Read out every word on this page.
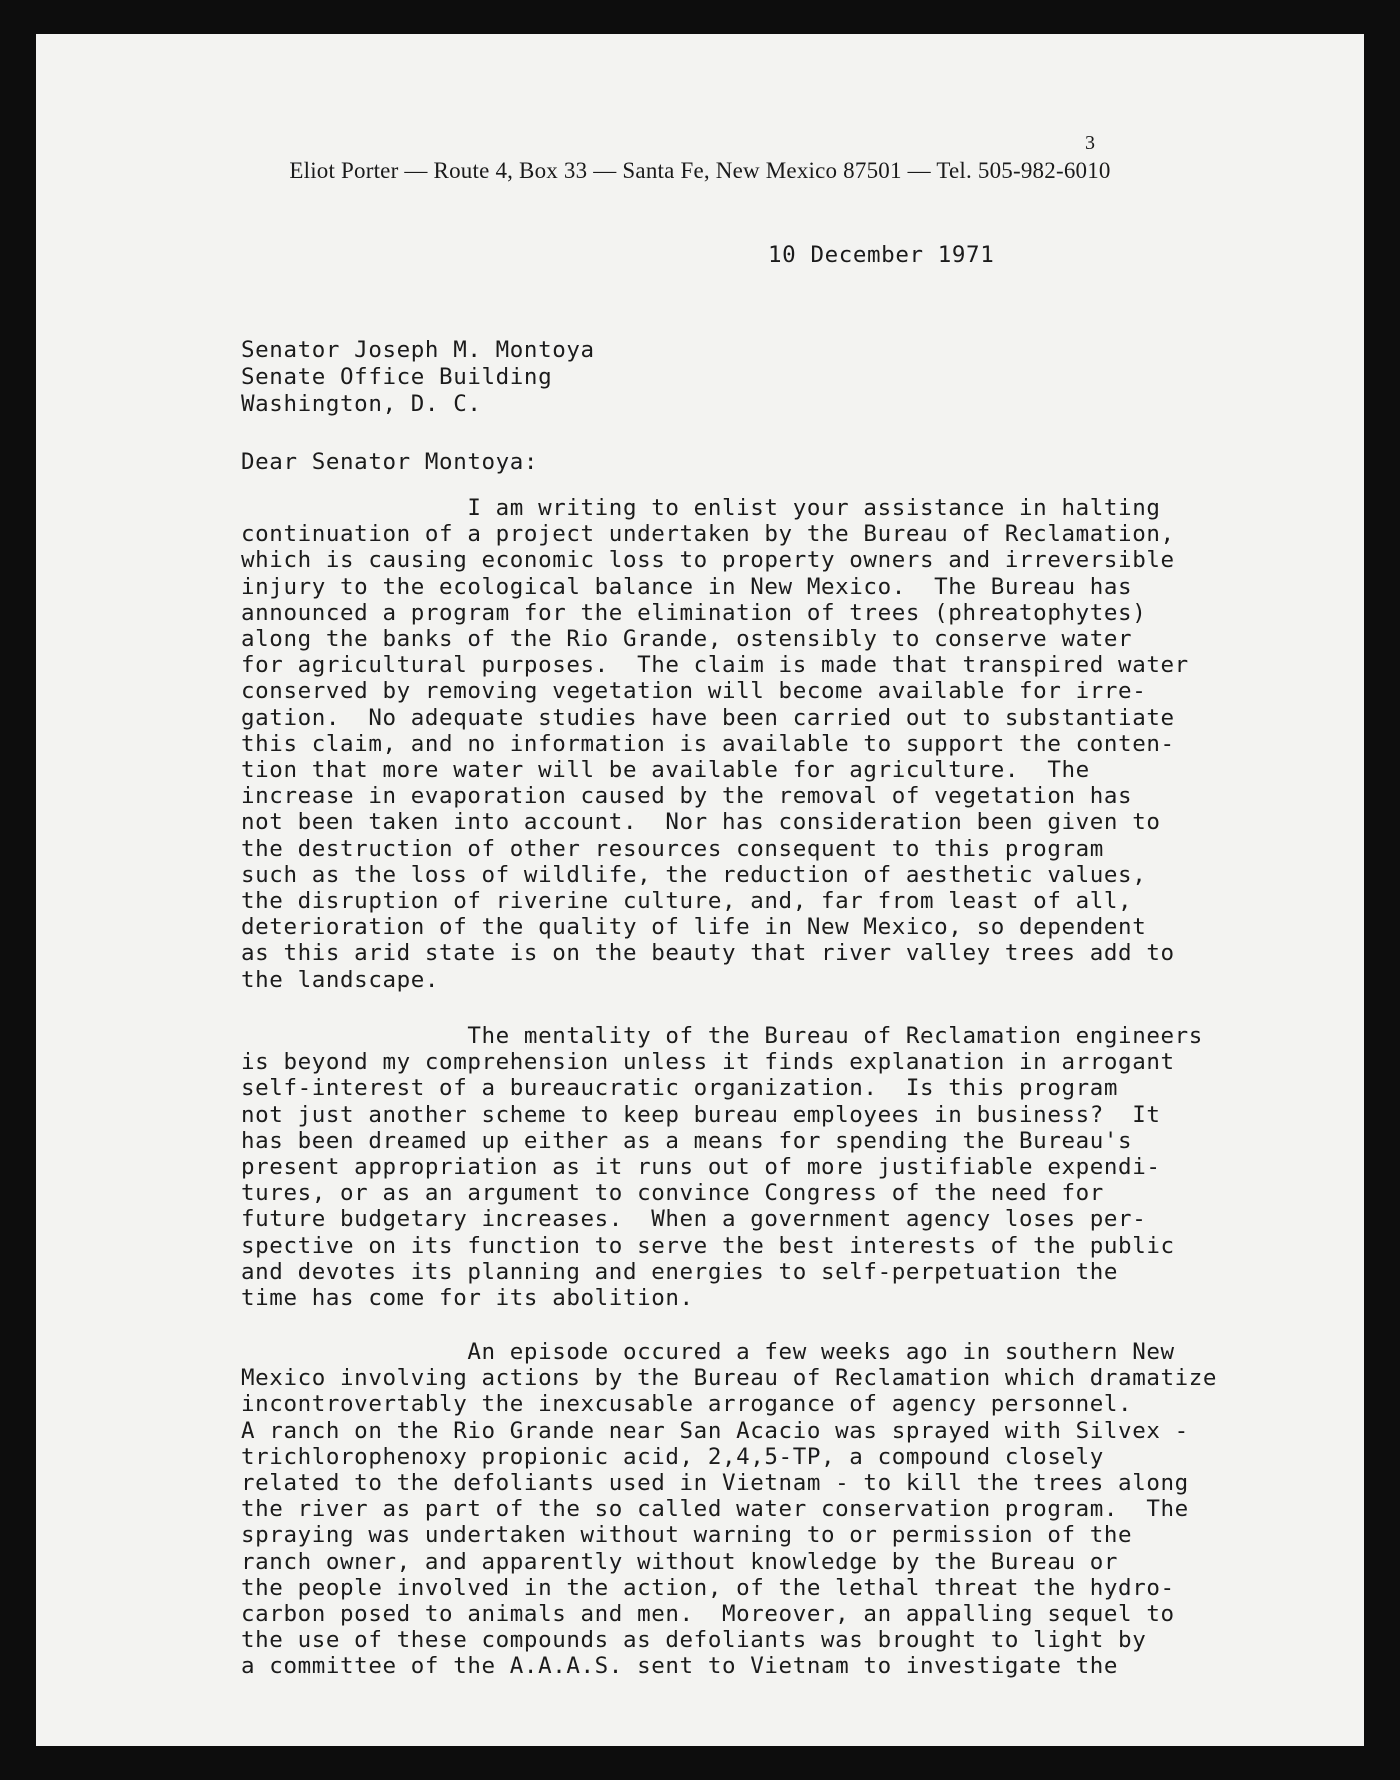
Eliot Porter — Route 4, Box 33 — Santa Fe, New Mexico 87501 — Tel. 505-982-6010
3
10 December 1971
Senator Joseph M. Montoya
Senate Office Building
Washington, D. C.
Dear Senator Montoya:
I am writing to enlist your assistance in halting
continuation of a project undertaken by the Bureau of Reclamation,
which is causing economic loss to property owners and irreversible
injury to the ecological balance in New Mexico.  The Bureau has
announced a program for the elimination of trees (phreatophytes)
along the banks of the Rio Grande, ostensibly to conserve water
for agricultural purposes.  The claim is made that transpired water
conserved by removing vegetation will become available for irre-
gation.  No adequate studies have been carried out to substantiate
this claim, and no information is available to support the conten-
tion that more water will be available for agriculture.  The
increase in evaporation caused by the removal of vegetation has
not been taken into account.  Nor has consideration been given to
the destruction of other resources consequent to this program
such as the loss of wildlife, the reduction of aesthetic values,
the disruption of riverine culture, and, far from least of all,
deterioration of the quality of life in New Mexico, so dependent
as this arid state is on the beauty that river valley trees add to
the landscape.
The mentality of the Bureau of Reclamation engineers
is beyond my comprehension unless it finds explanation in arrogant
self-interest of a bureaucratic organization.  Is this program
not just another scheme to keep bureau employees in business?  It
has been dreamed up either as a means for spending the Bureau's
present appropriation as it runs out of more justifiable expendi-
tures, or as an argument to convince Congress of the need for
future budgetary increases.  When a government agency loses per-
spective on its function to serve the best interests of the public
and devotes its planning and energies to self-perpetuation the
time has come for its abolition.
An episode occured a few weeks ago in southern New
Mexico involving actions by the Bureau of Reclamation which dramatize
incontrovertably the inexcusable arrogance of agency personnel.
A ranch on the Rio Grande near San Acacio was sprayed with Silvex -
trichlorophenoxy propionic acid, 2,4,5-TP, a compound closely
related to the defoliants used in Vietnam - to kill the trees along
the river as part of the so called water conservation program.  The
spraying was undertaken without warning to or permission of the
ranch owner, and apparently without knowledge by the Bureau or
the people involved in the action, of the lethal threat the hydro-
carbon posed to animals and men.  Moreover, an appalling sequel to
the use of these compounds as defoliants was brought to light by
a committee of the A.A.A.S. sent to Vietnam to investigate the
